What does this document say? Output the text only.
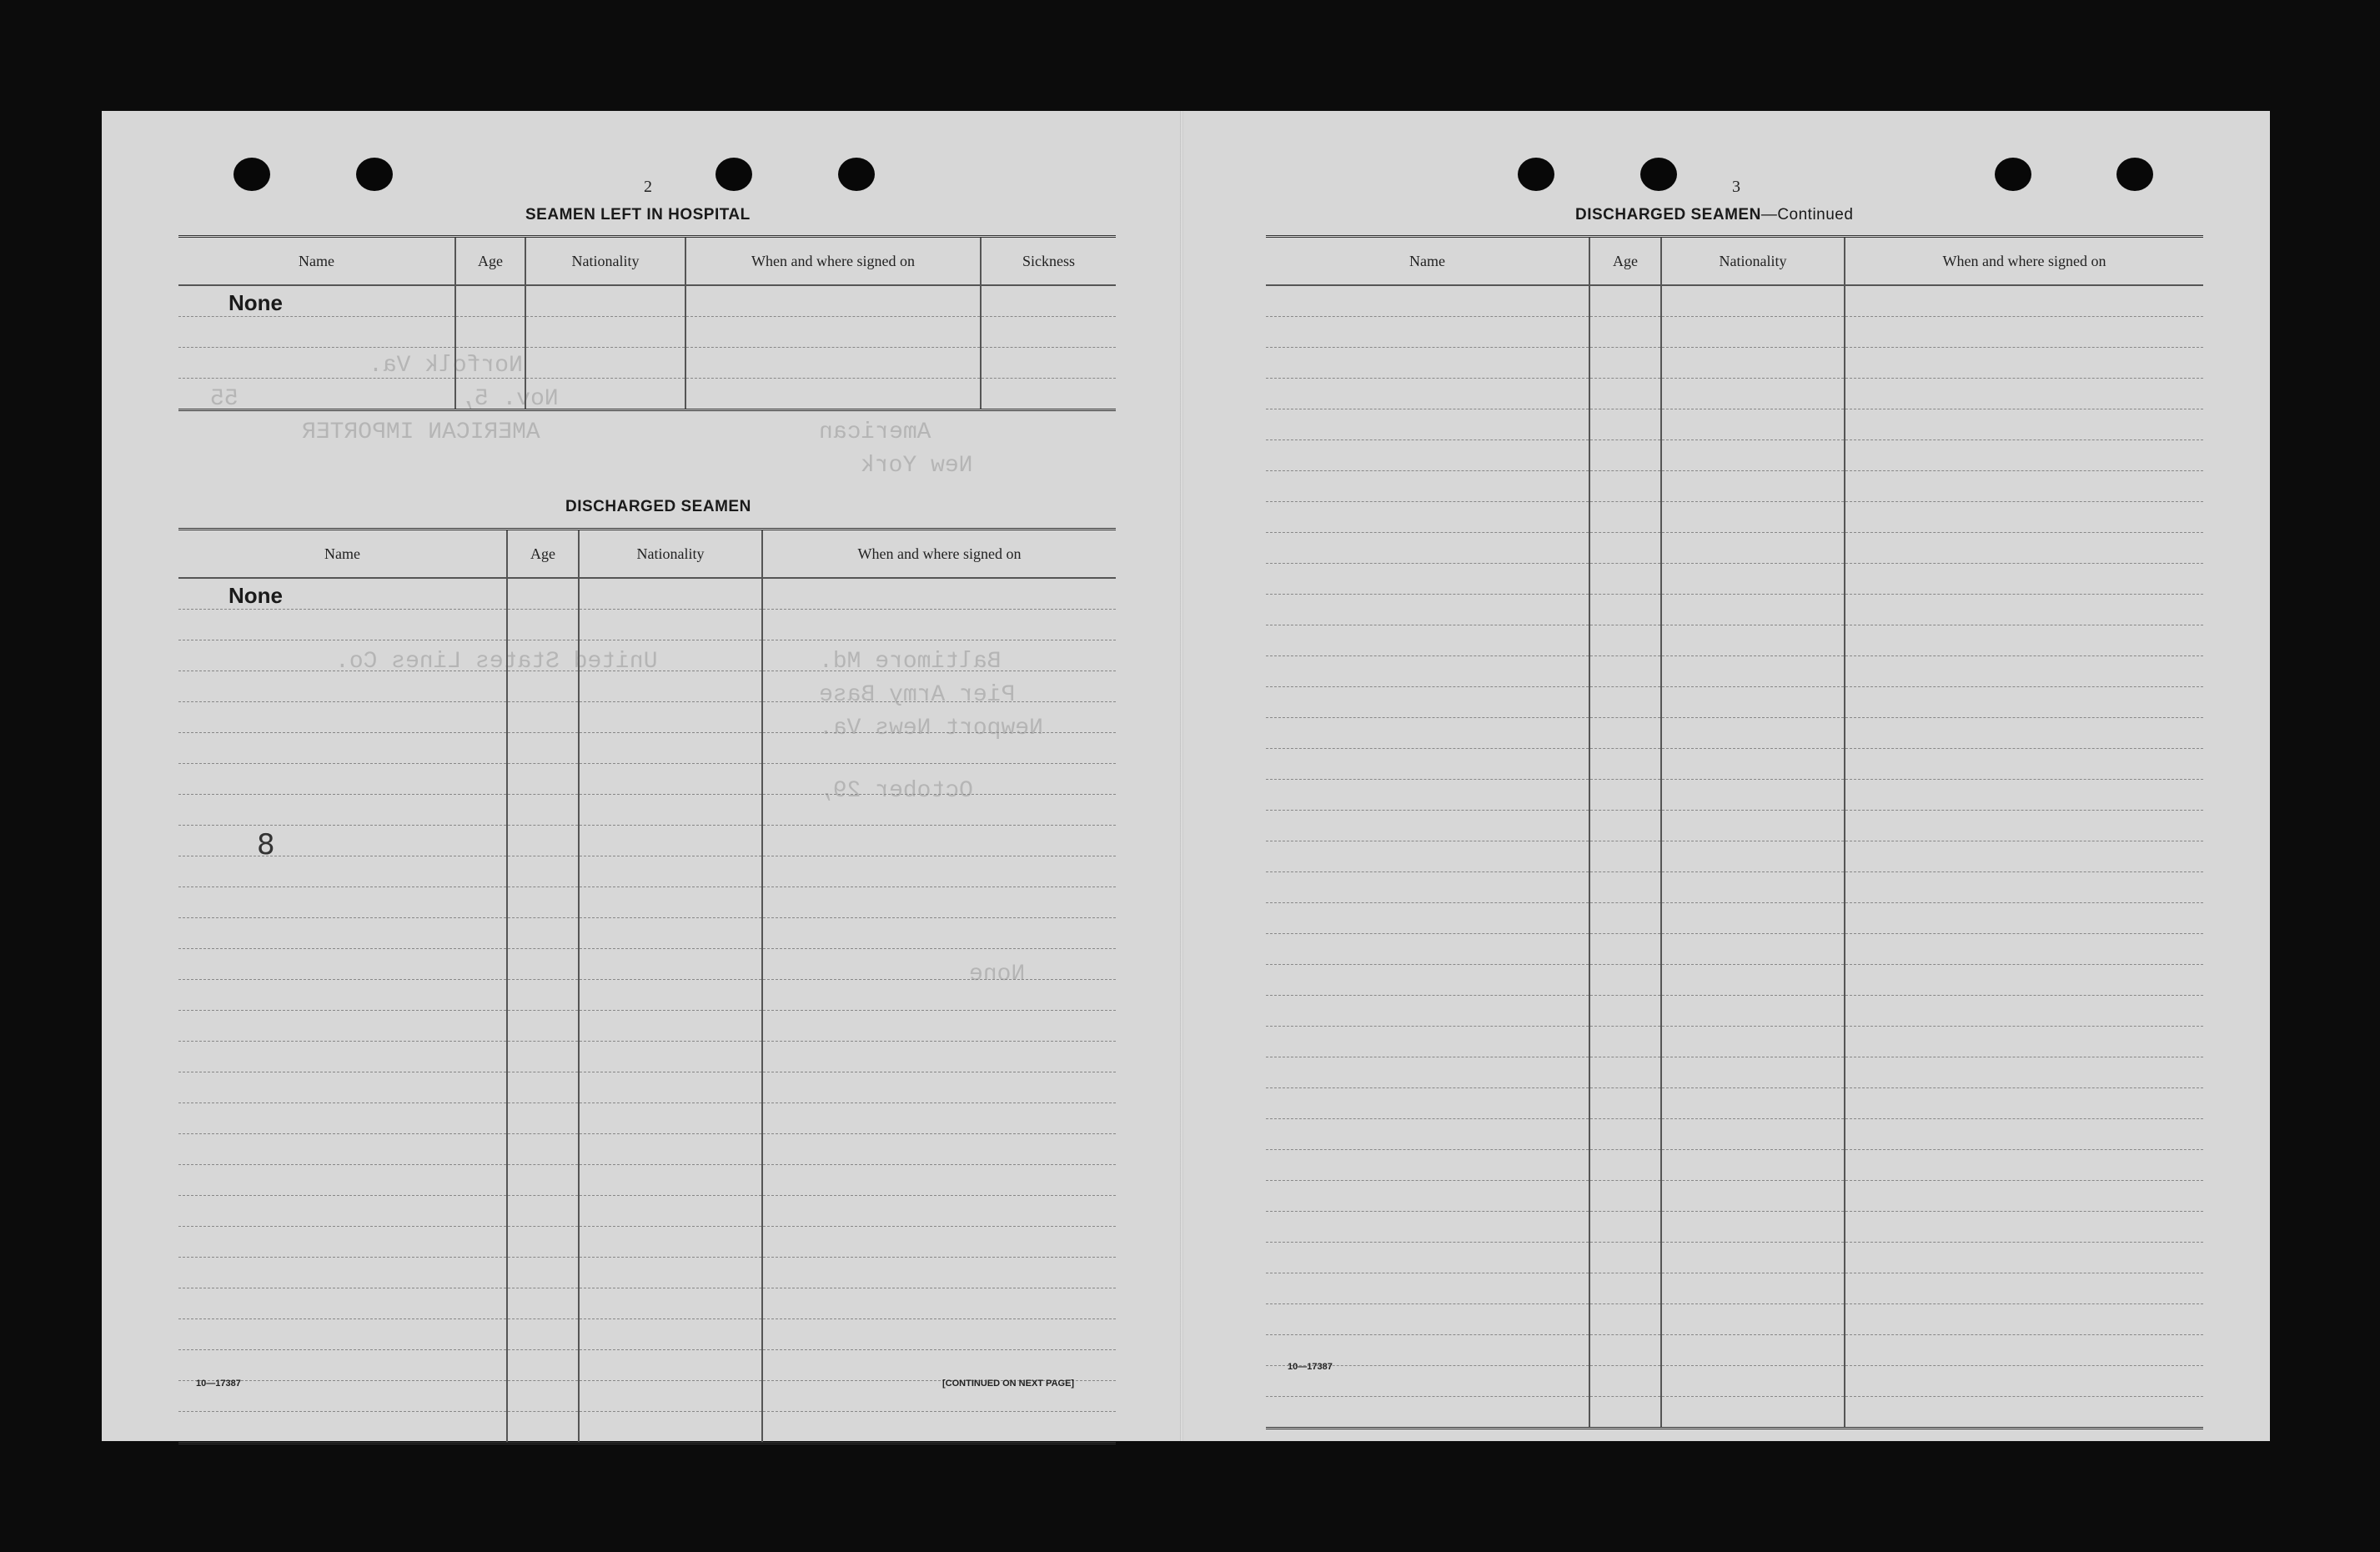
Norfolk Va.
Nov. 5,
55
AMERICAN IMPORTER	American
New York
Baltimore Md.
United States Lines Co.
Pier Army Base
Newport News Va.
October 29,
None
2
SEAMEN LEFT IN HOSPITAL
Name	Age	Nationality	When and where signed on	Sickness
None				

DISCHARGED SEAMEN
Name	Age	Nationality	When and where signed on
None			

8
10—17387	[CONTINUED ON NEXT PAGE]
3
DISCHARGED SEAMEN—Continued
Name	Age	Nationality	When and where signed on

10—17387
